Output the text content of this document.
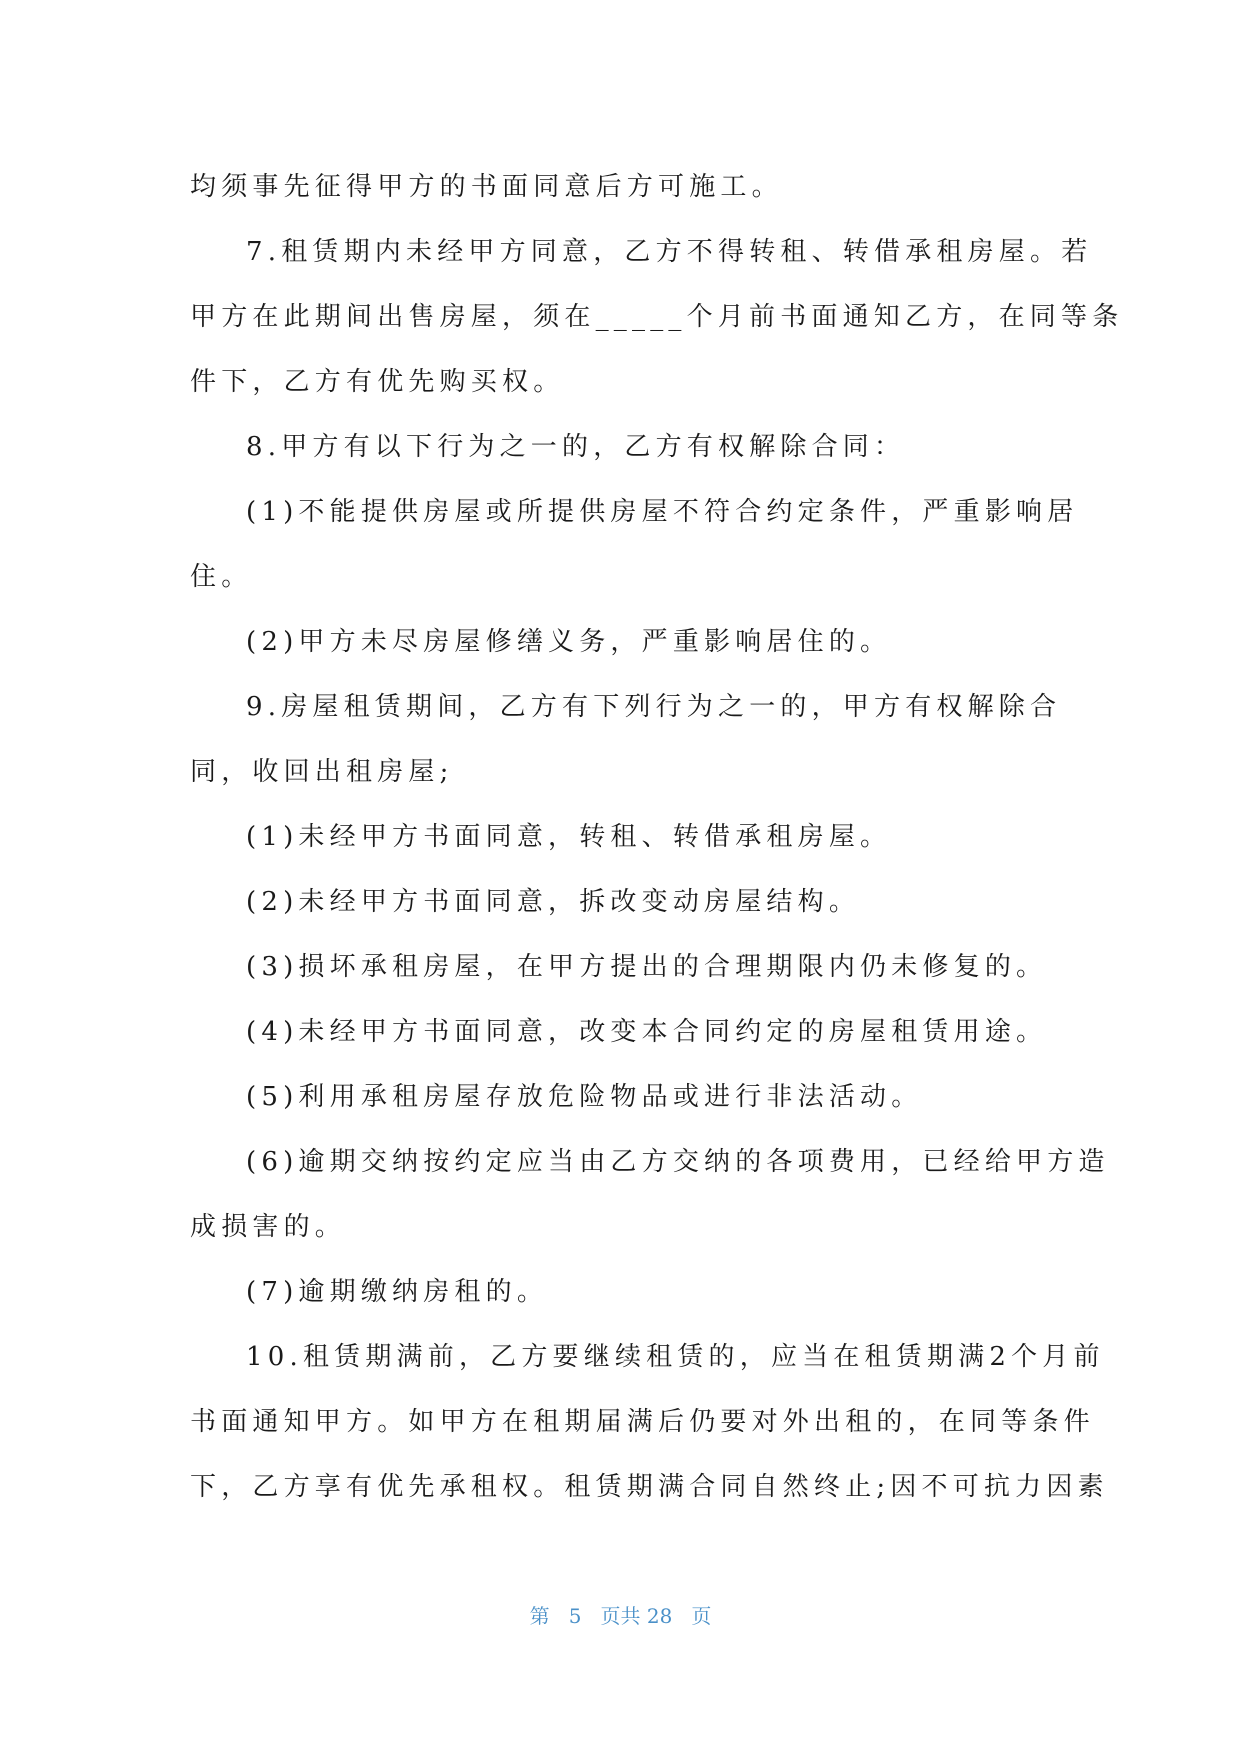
均须事先征得甲方的书面同意后方可施工。
7.租赁期内未经甲方同意，乙方不得转租、转借承租房屋。若
甲方在此期间出售房屋，须在_____个月前书面通知乙方，在同等条
件下，乙方有优先购买权。
8.甲方有以下行为之一的，乙方有权解除合同：
(1)不能提供房屋或所提供房屋不符合约定条件，严重影响居
住。
(2)甲方未尽房屋修缮义务，严重影响居住的。
9.房屋租赁期间，乙方有下列行为之一的，甲方有权解除合
同，收回出租房屋;
(1)未经甲方书面同意，转租、转借承租房屋。
(2)未经甲方书面同意，拆改变动房屋结构。
(3)损坏承租房屋，在甲方提出的合理期限内仍未修复的。
(4)未经甲方书面同意，改变本合同约定的房屋租赁用途。
(5)利用承租房屋存放危险物品或进行非法活动。
(6)逾期交纳按约定应当由乙方交纳的各项费用，已经给甲方造
成损害的。
(7)逾期缴纳房租的。
10.租赁期满前，乙方要继续租赁的，应当在租赁期满2个月前
书面通知甲方。如甲方在租期届满后仍要对外出租的，在同等条件
下，乙方享有优先承租权。租赁期满合同自然终止;因不可抗力因素
第 5 页共 28 页
